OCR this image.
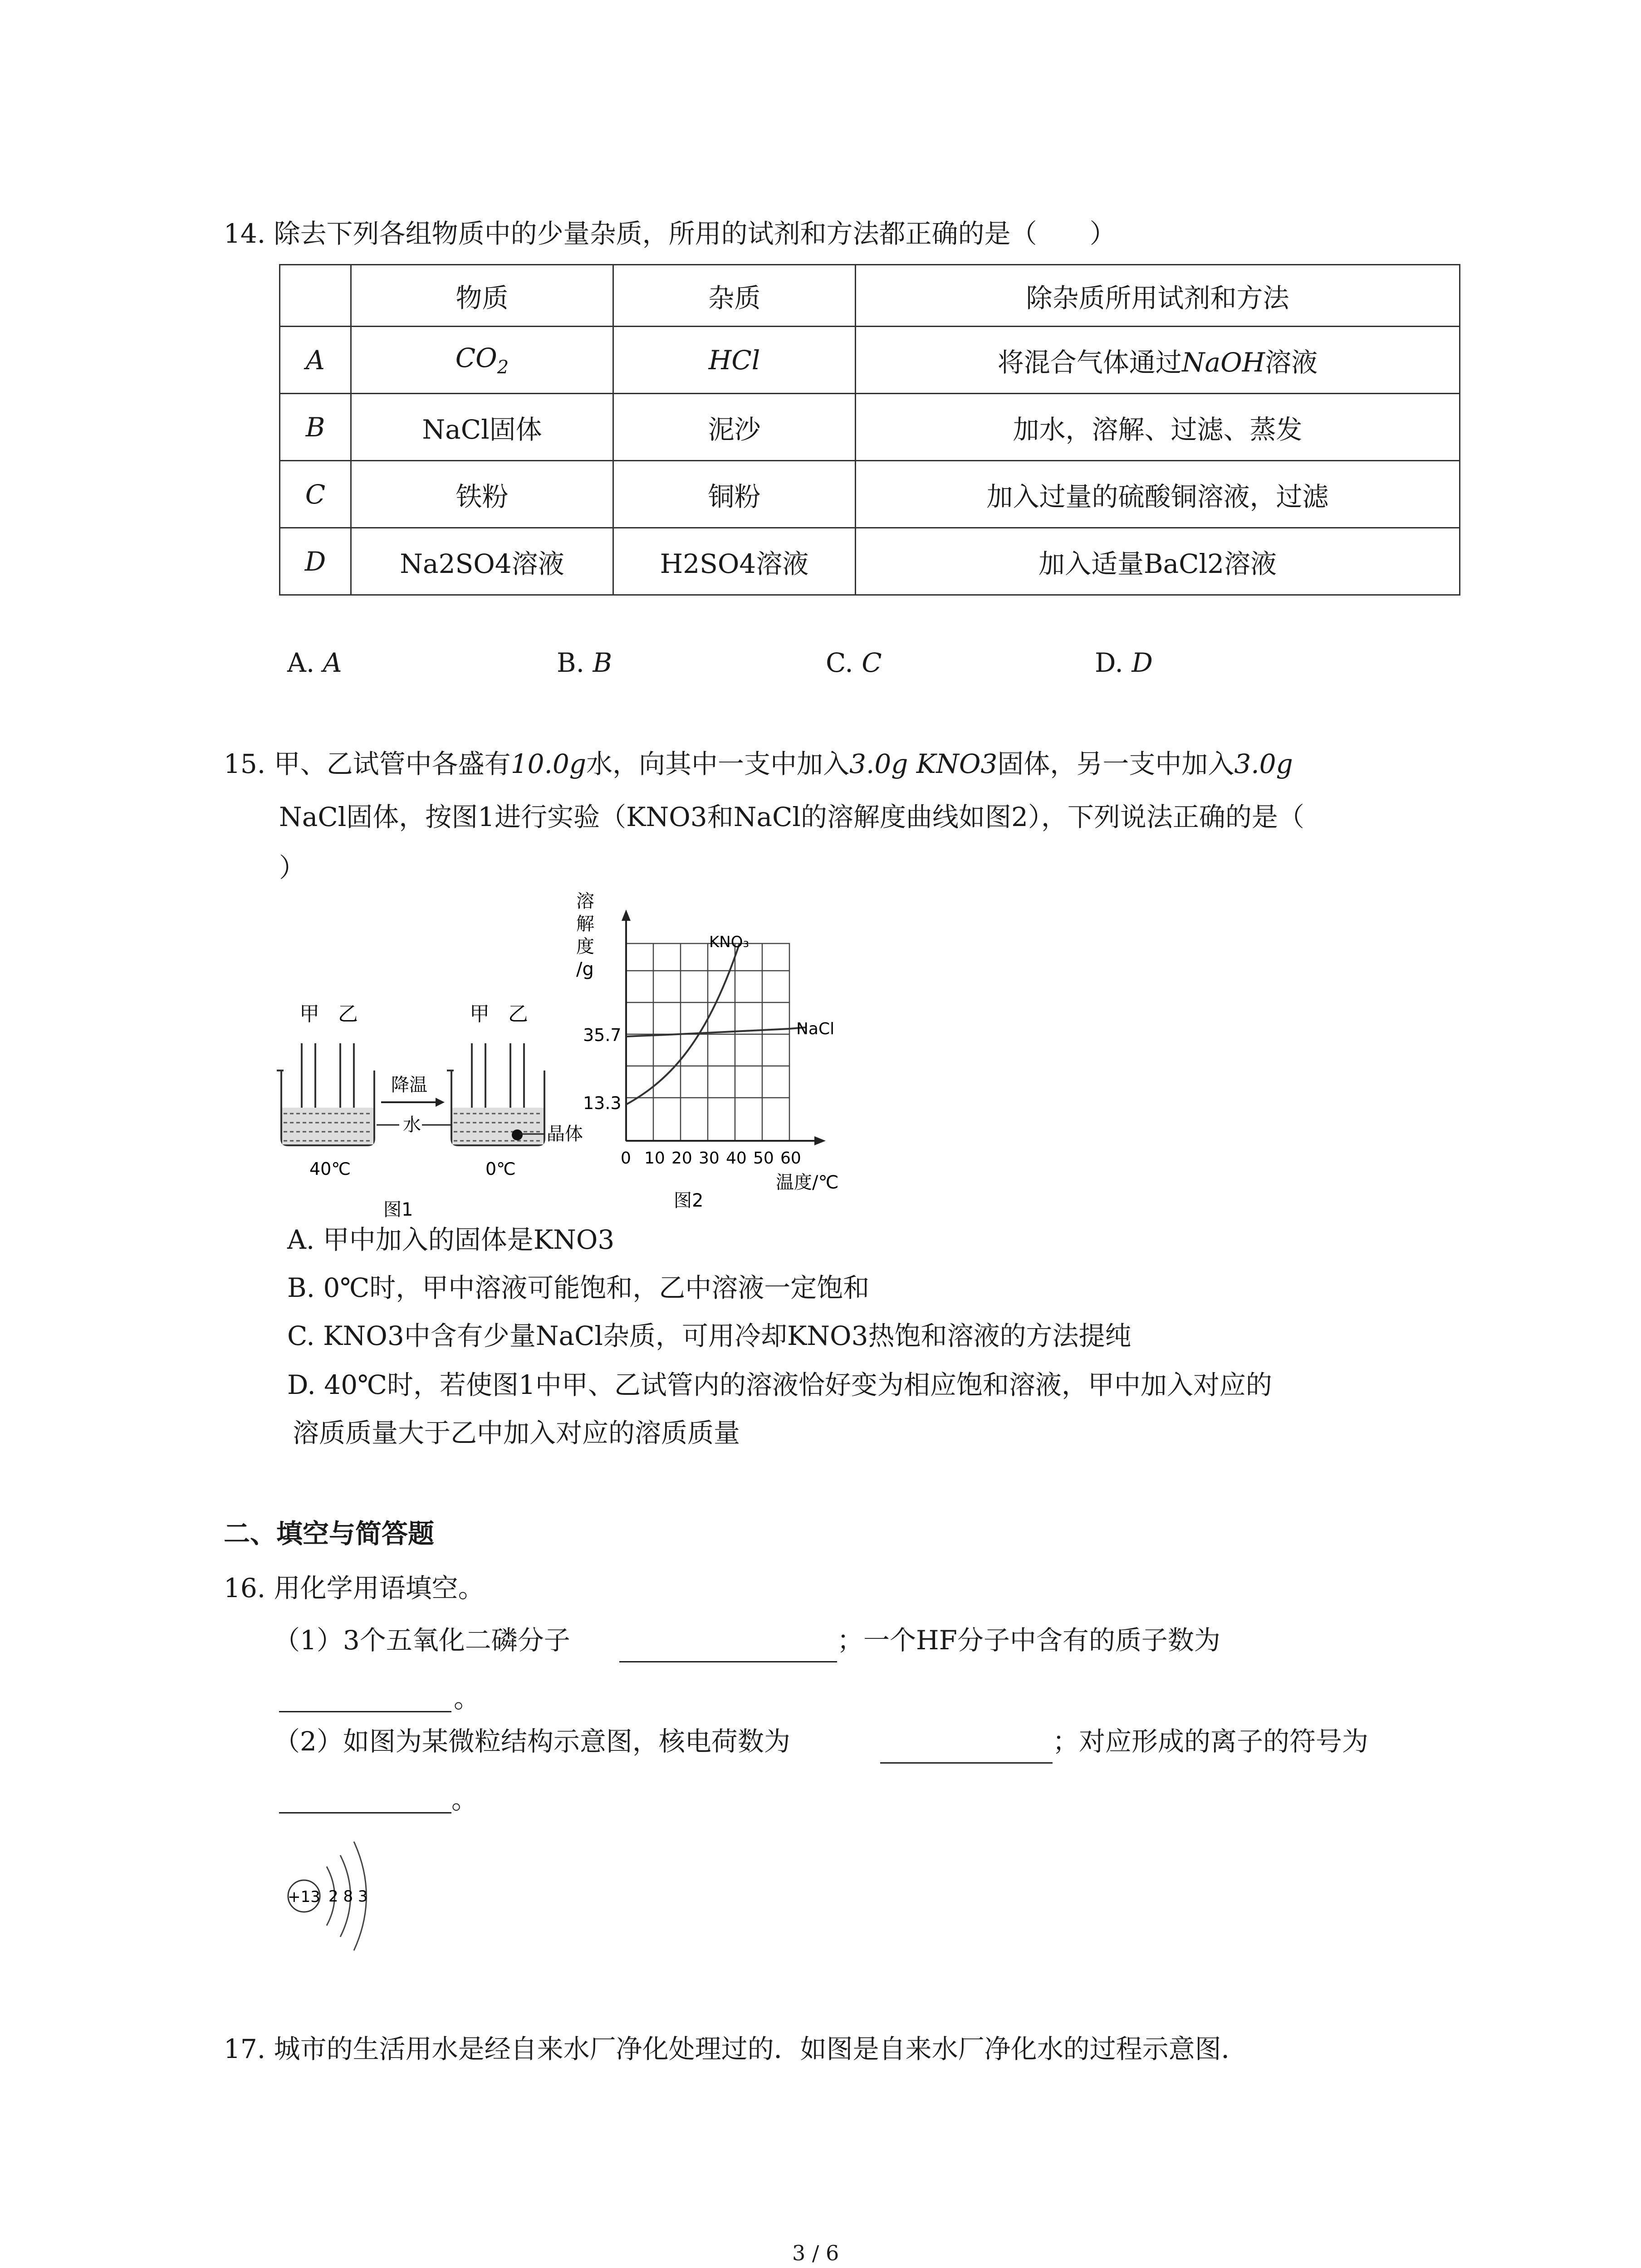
14. 除去下列各组物质中的少量杂质，所用的试剂和方法都正确的是（　　）
	物质	杂质	除杂质所用试剂和方法
A	$CO_2$	HCl	将混合气体通过NaOH溶液
B	NaCl固体	泥沙	加水，溶解、过滤、蒸发
C	铁粉	铜粉	加入过量的硫酸铜溶液，过滤
D	Na2SO4溶液	H2SO4溶液	加入适量BaCl2溶液
A. A	B. B	C. C	D. D
15. 甲、乙试管中各盛有10.0g水，向其中一支中加入3.0g KNO3固体，另一支中加入3.0g
NaCl固体，按图1进行实验（KNO3和NaCl的溶解度曲线如图2），下列说法正确的是（
）
甲 乙	甲 乙
降温
水	晶体
40℃	0℃
图1
溶
解
度
/g
35.7
13.3
KNO₃
NaCl
0 10 20 30 40 50 60
温度/℃
图2
A. 甲中加入的固体是KNO3
B. 0℃时，甲中溶液可能饱和，乙中溶液一定饱和
C. KNO3中含有少量NaCl杂质，可用冷却KNO3热饱和溶液的方法提纯
D. 40℃时，若使图1中甲、乙试管内的溶液恰好变为相应饱和溶液，甲中加入对应的
溶质质量大于乙中加入对应的溶质质量
二、填空与简答题
16. 用化学用语填空。
（1）3个五氧化二磷分子	；一个HF分子中含有的质子数为
。
（2）如图为某微粒结构示意图，核电荷数为	；对应形成的离子的符号为
。
+13 2 8 3
17. 城市的生活用水是经自来水厂净化处理过的．如图是自来水厂净化水的过程示意图．
3 / 6
